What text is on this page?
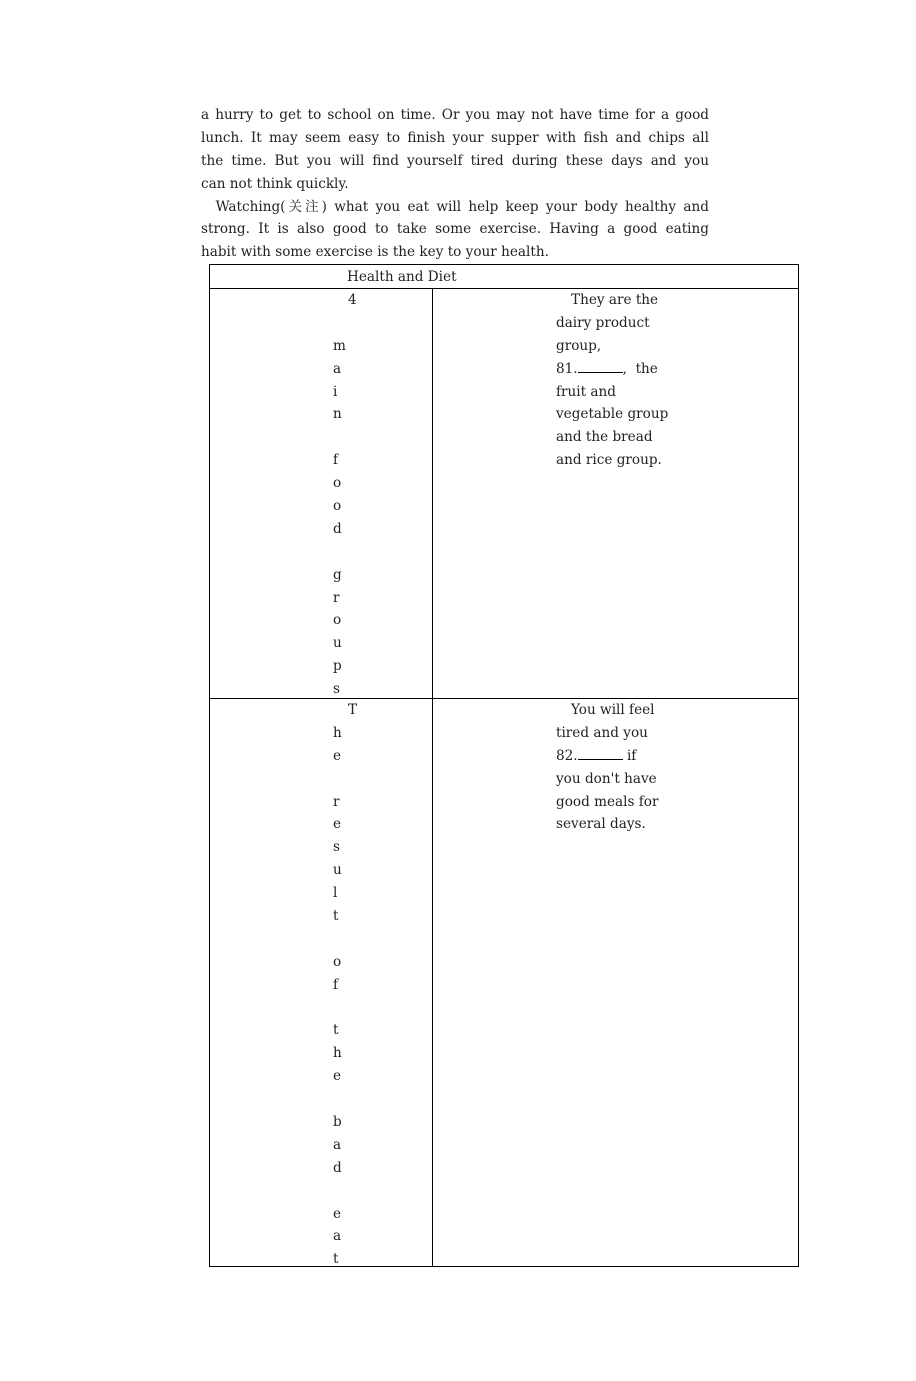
a hurry to get to school on time. Or you may not have time for a good
lunch. It may seem easy to finish your supper with fish and chips all
the time. But you will find yourself tired during these days and you
can not think quickly.
Watching(关注) what you eat will help keep your body healthy and
strong. It is also good to take some exercise. Having a good eating
habit with some exercise is the key to your health.
Health and Diet
4
m
a
i
n
f
o
o
d
g
r
o
u
p
s
They are the
dairy product
group,
81.	,  the
fruit and
vegetable group
and the bread
and rice group.
T
h
e
r
e
s
u
l
t
o
f
t
h
e
b
a
d
e
a
t
You will feel
tired and you
82.	if
you don't have
good meals for
several days.
